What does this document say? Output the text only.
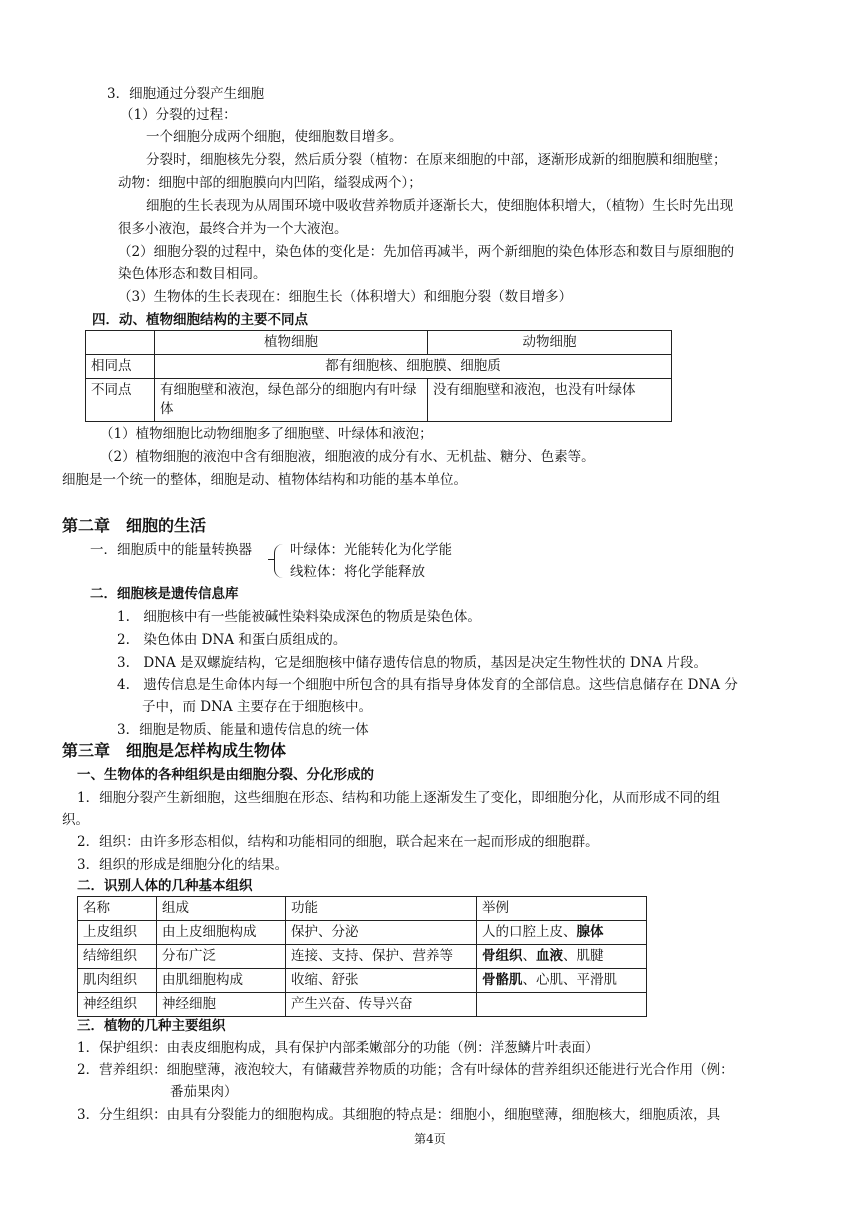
3．细胞通过分裂产生细胞
（1）分裂的过程：
一个细胞分成两个细胞，使细胞数目增多。
分裂时，细胞核先分裂，然后质分裂（植物：在原来细胞的中部，逐渐形成新的细胞膜和细胞壁；
动物：细胞中部的细胞膜向内凹陷，缢裂成两个）；
细胞的生长表现为从周围环境中吸收营养物质并逐渐长大，使细胞体积增大，（植物）生长时先出现
很多小液泡，最终合并为一个大液泡。
（2）细胞分裂的过程中，染色体的变化是：先加倍再减半，两个新细胞的染色体形态和数目与原细胞的
染色体形态和数目相同。
（3）生物体的生长表现在：细胞生长（体积增大）和细胞分裂（数目增多）
四．动、植物细胞结构的主要不同点
	植物细胞	动物细胞
相同点	都有细胞核、细胞膜、细胞质	
不同点	有细胞壁和液泡，绿色部分的细胞内有叶绿体	没有细胞壁和液泡，也没有叶绿体
（1）植物细胞比动物细胞多了细胞壁、叶绿体和液泡；
（2）植物细胞的液泡中含有细胞液，细胞液的成分有水、无机盐、糖分、色素等。
细胞是一个统一的整体，细胞是动、植物体结构和功能的基本单位。
第二章　细胞的生活
一．细胞质中的能量转换器	叶绿体：光能转化为化学能
线粒体：将化学能释放
二．细胞核是遗传信息库
1.　细胞核中有一些能被碱性染料染成深色的物质是染色体。
2.　染色体由 DNA 和蛋白质组成的。
3.　DNA 是双螺旋结构，它是细胞核中储存遗传信息的物质，基因是决定生物性状的 DNA 片段。
4.　遗传信息是生命体内每一个细胞中所包含的具有指导身体发育的全部信息。这些信息储存在 DNA 分
子中，而 DNA 主要存在于细胞核中。
3．细胞是物质、能量和遗传信息的统一体
第三章　细胞是怎样构成生物体
一、生物体的各种组织是由细胞分裂、分化形成的
1．细胞分裂产生新细胞，这些细胞在形态、结构和功能上逐渐发生了变化，即细胞分化，从而形成不同的组
织。
2．组织：由许多形态相似，结构和功能相同的细胞，联合起来在一起而形成的细胞群。
3．组织的形成是细胞分化的结果。
二．识别人体的几种基本组织
名称	组成	功能	举例
上皮组织	由上皮细胞构成	保护、分泌	人的口腔上皮、腺体
结缔组织	分布广泛	连接、支持、保护、营养等	骨组织、血液、肌腱
肌肉组织	由肌细胞构成	收缩、舒张	骨骼肌、心肌、平滑肌
神经组织	神经细胞	产生兴奋、传导兴奋	
三．植物的几种主要组织
1．保护组织：由表皮细胞构成，具有保护内部柔嫩部分的功能（例：洋葱鳞片叶表面）
2．营养组织：细胞壁薄，液泡较大，有储藏营养物质的功能；含有叶绿体的营养组织还能进行光合作用（例：
番茄果肉）
3．分生组织：由具有分裂能力的细胞构成。其细胞的特点是：细胞小，细胞壁薄，细胞核大，细胞质浓，具
第4页
